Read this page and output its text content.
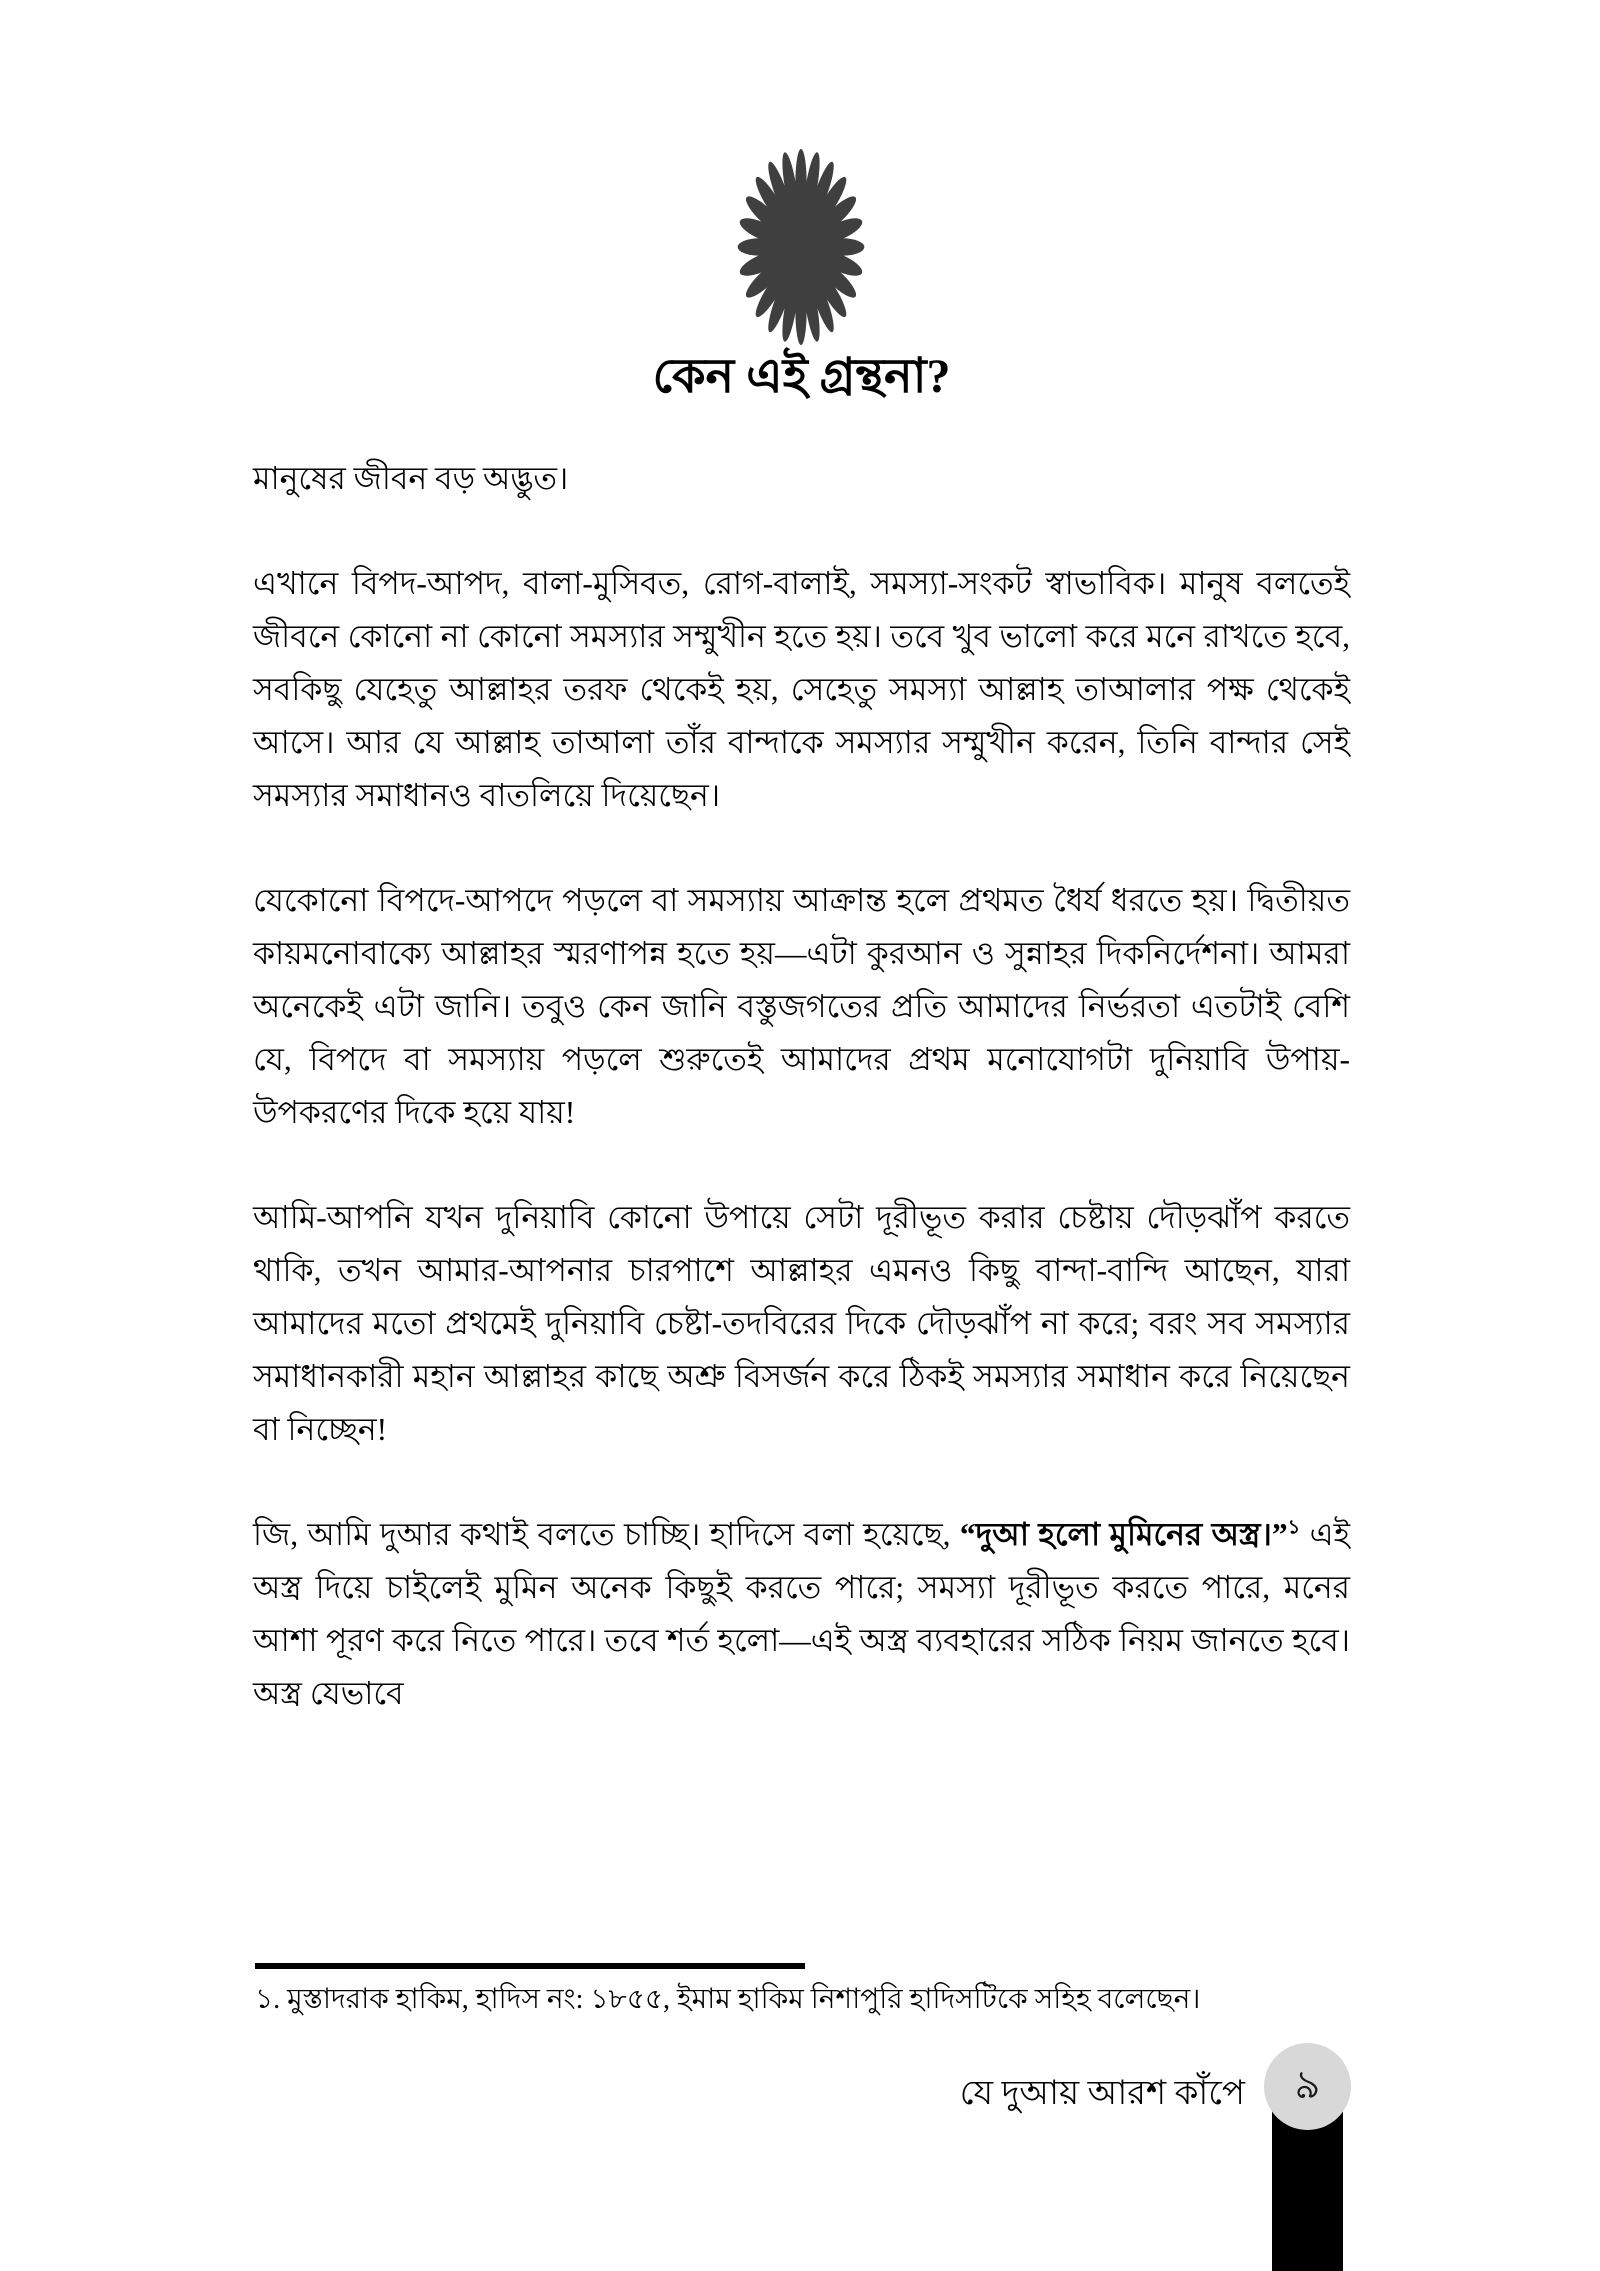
কেন এই গ্রন্থনা?

মানুষের জীবন বড় অদ্ভুত।

এখানে বিপদ-আপদ, বালা-মুসিবত, রোগ-বালাই, সমস্যা-সংকট স্বাভাবিক। মানুষ বলতেই জীবনে কোনো না কোনো সমস্যার সম্মুখীন হতে হয়। তবে খুব ভালো করে মনে রাখতে হবে, সবকিছু যেহেতু আল্লাহর তরফ থেকেই হয়, সেহেতু সমস্যা আল্লাহ তাআলার পক্ষ থেকেই আসে। আর যে আল্লাহ তাআলা তাঁর বান্দাকে সমস্যার সম্মুখীন করেন, তিনি বান্দার সেই সমস্যার সমাধানও বাতলিয়ে দিয়েছেন।

যেকোনো বিপদে-আপদে পড়লে বা সমস্যায় আক্রান্ত হলে প্রথমত ধৈর্য ধরতে হয়। দ্বিতীয়ত কায়মনোবাক্যে আল্লাহর স্মরণাপন্ন হতে হয়—এটা কুরআন ও সুন্নাহর দিকনির্দেশনা। আমরা অনেকেই এটা জানি। তবুও কেন জানি বস্তুজগতের প্রতি আমাদের নির্ভরতা এতটাই বেশি যে, বিপদে বা সমস্যায় পড়লে শুরুতেই আমাদের প্রথম মনোযোগটা দুনিয়াবি উপায়-উপকরণের দিকে হয়ে যায়!

আমি-আপনি যখন দুনিয়াবি কোনো উপায়ে সেটা দূরীভূত করার চেষ্টায় দৌড়ঝাঁপ করতে থাকি, তখন আমার-আপনার চারপাশে আল্লাহর এমনও কিছু বান্দা-বান্দি আছেন, যারা আমাদের মতো প্রথমেই দুনিয়াবি চেষ্টা-তদবিরের দিকে দৌড়ঝাঁপ না করে; বরং সব সমস্যার সমাধানকারী মহান আল্লাহর কাছে অশ্রু বিসর্জন করে ঠিকই সমস্যার সমাধান করে নিয়েছেন বা নিচ্ছেন!

জি, আমি দুআর কথাই বলতে চাচ্ছি। হাদিসে বলা হয়েছে, “দুআ হলো মুমিনের অস্ত্র।”$^১$ এই অস্ত্র দিয়ে চাইলেই মুমিন অনেক কিছুই করতে পারে; সমস্যা দূরীভূত করতে পারে, মনের আশা পূরণ করে নিতে পারে। তবে শর্ত হলো—এই অস্ত্র ব্যবহারের সঠিক নিয়ম জানতে হবে। অস্ত্র যেভাবে

১. মুস্তাদরাক হাকিম, হাদিস নং: ১৮৫৫, ইমাম হাকিম নিশাপুরি হাদিসটিকে সহিহ বলেছেন।

যে দুআয় আরশ কাঁপে ৯
